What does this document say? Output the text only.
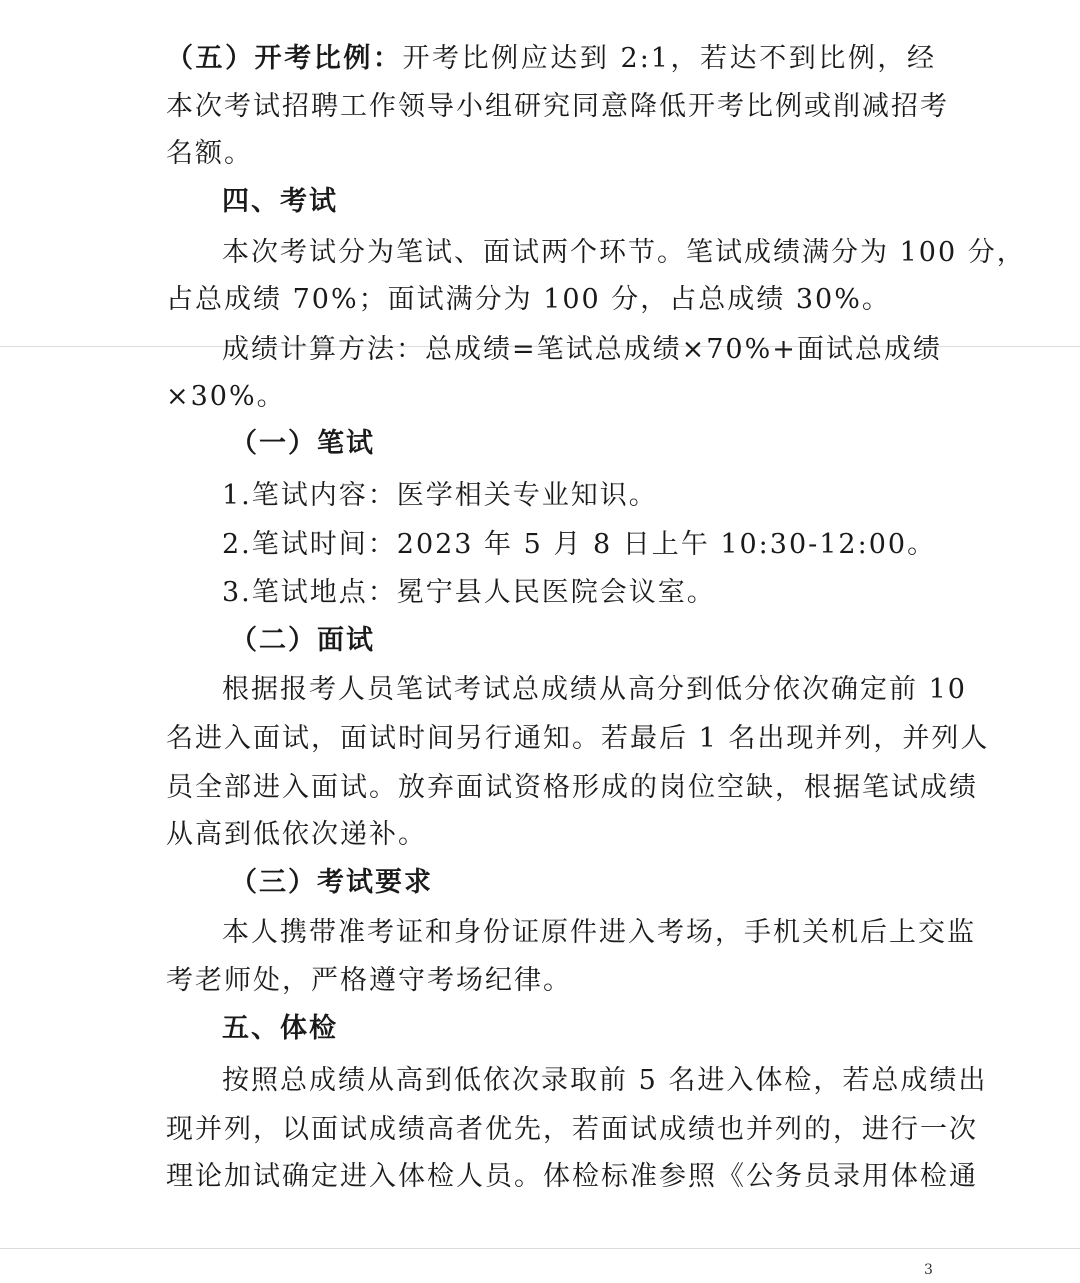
（五）开考比例：开考比例应达到 2:1，若达不到比例，经
本次考试招聘工作领导小组研究同意降低开考比例或削减招考
名额。
四、考试
本次考试分为笔试、面试两个环节。笔试成绩满分为 100 分，
占总成绩 70%；面试满分为 100 分，占总成绩 30%。
成绩计算方法：总成绩=笔试总成绩×70%+面试总成绩
×30%。
（一）笔试
1.笔试内容：医学相关专业知识。
2.笔试时间：2023 年 5 月 8 日上午 10:30-12:00。
3.笔试地点：冕宁县人民医院会议室。
（二）面试
根据报考人员笔试考试总成绩从高分到低分依次确定前 10
名进入面试，面试时间另行通知。若最后 1 名出现并列，并列人
员全部进入面试。放弃面试资格形成的岗位空缺，根据笔试成绩
从高到低依次递补。
（三）考试要求
本人携带准考证和身份证原件进入考场，手机关机后上交监
考老师处，严格遵守考场纪律。
五、体检
按照总成绩从高到低依次录取前 5 名进入体检，若总成绩出
现并列，以面试成绩高者优先，若面试成绩也并列的，进行一次
理论加试确定进入体检人员。体检标准参照《公务员录用体检通
3
